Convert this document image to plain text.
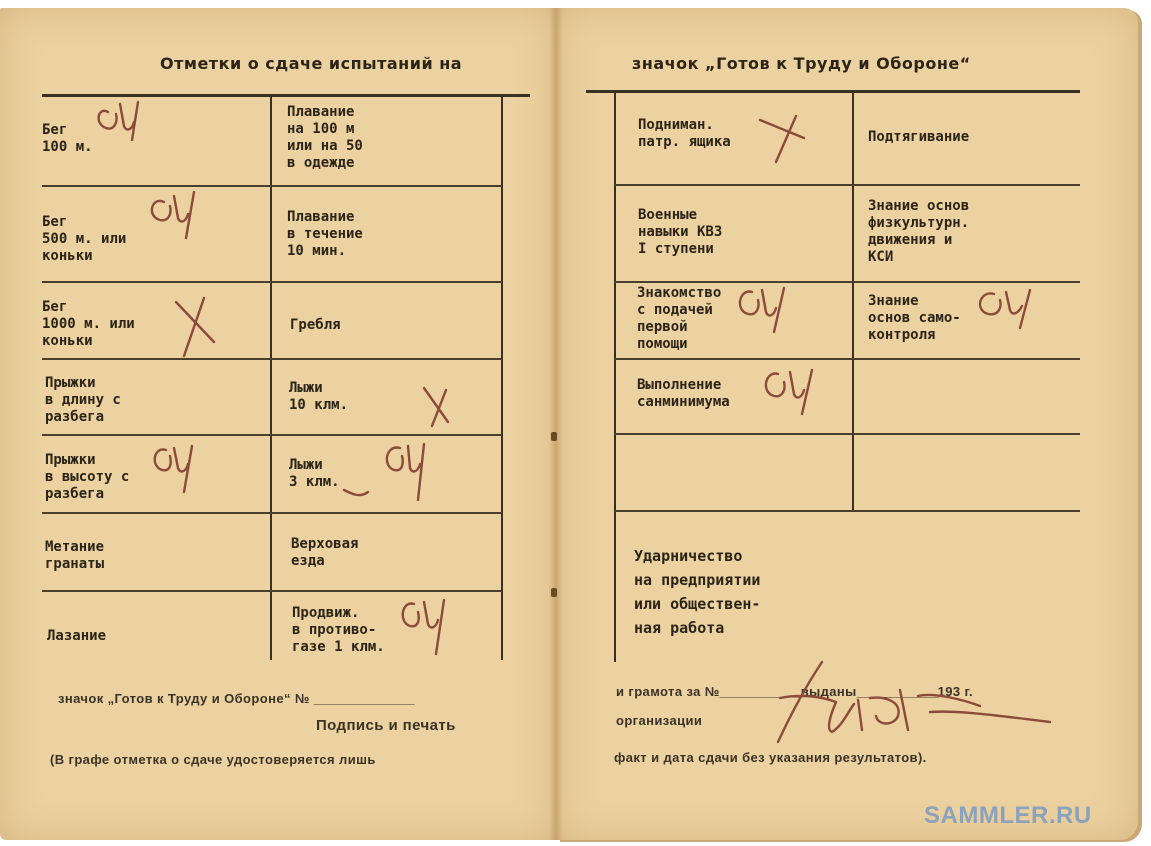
Отметки о сдаче испытаний на
Бег
100 м.
Плавание
на 100 м
или на 50
в одежде
Бег
500 м. или
коньки
Плавание
в течение
10 мин.
Бег
1000 м. или
коньки
Гребля
Прыжки
в длину с
разбега
Лыжи
10 клм.
Прыжки
в высоту с
разбега
Лыжи
3 клм.
Метание
гранаты
Верховая
езда
Лазание
Продвиж.
в противо-
газе 1 клм.
значок „Готов к Труду и Обороне“ № ________________
Подпись и печать
(В графе отметка о сдаче удостоверяется лишь
значок „Готов к Труду и Обороне“
Подниман.
патр. ящика	Подтягивание
Военные
навыки КВЗ
I ступени
Знание основ
физкультурн.
движения и
КСИ
Знакомство
с подачей
первой
помощи
Знание
основ само-
контроля
Выполнение
санминимума
Ударничество
на предприятии
или обществен-
ная работа
и грамота за №_____________выданы_____________193 г.
организации
факт и дата сдачи без указания результатов).
SAMMLER.RU
